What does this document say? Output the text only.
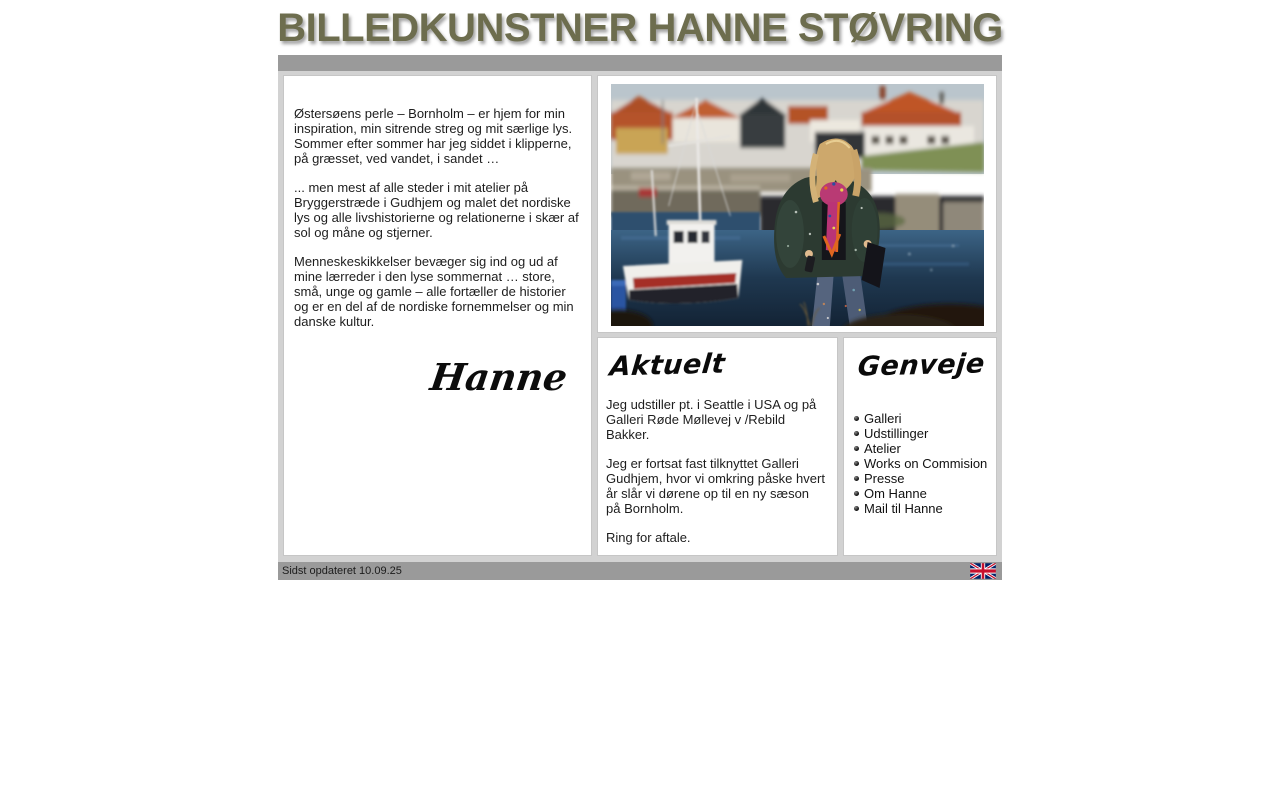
BILLEDKUNSTNER HANNE STØVRING

Østersøens perle – Bornholm – er hjem for min inspiration, min sitrende streg og mit særlige lys. Sommer efter sommer har jeg siddet i klipperne, på græsset, ved vandet, i sandet …

... men mest af alle steder i mit atelier på Bryggerstræde i Gudhjem og malet det nordiske lys og alle livshistorierne og relationerne i skær af sol og måne og stjerner.

Menneskeskikkelser bevæger sig ind og ud af mine lærreder i den lyse sommernat … store, små, unge og gamle – alle fortæller de historier og er en del af de nordiske fornemmelser og min danske kultur.

Hanne	Aktuelt

Jeg udstiller pt. i Seattle i USA og på Galleri Røde Møllevej v /Rebild Bakker.

Jeg er fortsat fast tilknyttet Galleri Gudhjem, hvor vi omkring påske hvert år slår vi dørene op til en ny sæson på Bornholm.

Ring for aftale.

Genveje
Galleri
Udstillinger
Atelier
Works on Commision
Presse
Om Hanne
Mail til Hanne
Sidst opdateret 10.09.25
